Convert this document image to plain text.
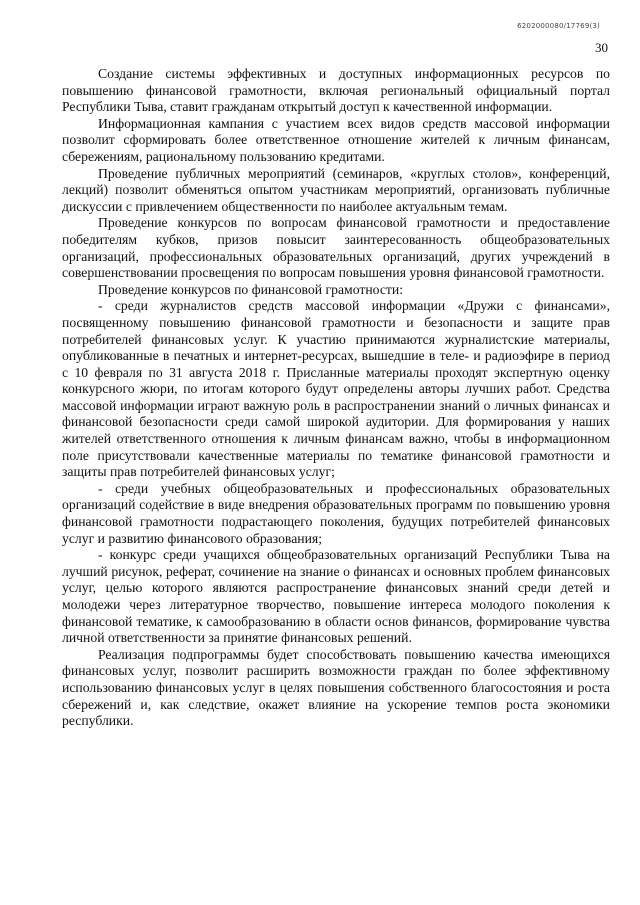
6202000080/17769(3)
30

Создание системы эффективных и доступных информационных ресурсов по повышению финансовой грамотности, включая региональный официальный портал Республики Тыва, ставит гражданам открытый доступ к качественной информации.

Информационная кампания с участием всех видов средств массовой информации позволит сформировать более ответственное отношение жителей к личным финансам, сбережениям, рациональному пользованию кредитами.

Проведение публичных мероприятий (семинаров, «круглых столов», конференций, лекций) позволит обменяться опытом участникам мероприятий, организовать публичные дискуссии с привлечением общественности по наиболее актуальным темам.

Проведение конкурсов по вопросам финансовой грамотности и предоставление победителям кубков, призов повысит заинтересованность общеобразовательных организаций, профессиональных образовательных организаций, других учреждений в совершенствовании просвещения по вопросам повышения уровня финансовой грамотности.

Проведение конкурсов по финансовой грамотности:

- среди журналистов средств массовой информации «Дружи с финансами», посвященному повышению финансовой грамотности и безопасности и защите прав потребителей финансовых услуг. К участию принимаются журналистские материалы, опубликованные в печатных и интернет-ресурсах, вышедшие в теле- и радиоэфире в период с 10 февраля по 31 августа 2018 г. Присланные материалы проходят экспертную оценку конкурсного жюри, по итогам которого будут определены авторы лучших работ. Средства массовой информации играют важную роль в распространении знаний о личных финансах и финансовой безопасности среди самой широкой аудитории. Для формирования у наших жителей ответственного отношения к личным финансам важно, чтобы в информационном поле присутствовали качественные материалы по тематике финансовой грамотности и защиты прав потребителей финансовых услуг;

- среди учебных общеобразовательных и профессиональных образовательных организаций содействие в виде внедрения образовательных программ по повышению уровня финансовой грамотности подрастающего поколения, будущих потребителей финансовых услуг и развитию финансового образования;

- конкурс среди учащихся общеобразовательных организаций Республики Тыва на лучший рисунок, реферат, сочинение на знание о финансах и основных проблем финансовых услуг, целью которого являются распространение финансовых знаний среди детей и молодежи через литературное творчество, повышение интереса молодого поколения к финансовой тематике, к самообразованию в области основ финансов, формирование чувства личной ответственности за принятие финансовых решений.

Реализация подпрограммы будет способствовать повышению качества имеющихся финансовых услуг, позволит расширить возможности граждан по более эффективному использованию финансовых услуг в целях повышения собственного благосостояния и роста сбережений и, как следствие, окажет влияние на ускорение темпов роста экономики республики.
